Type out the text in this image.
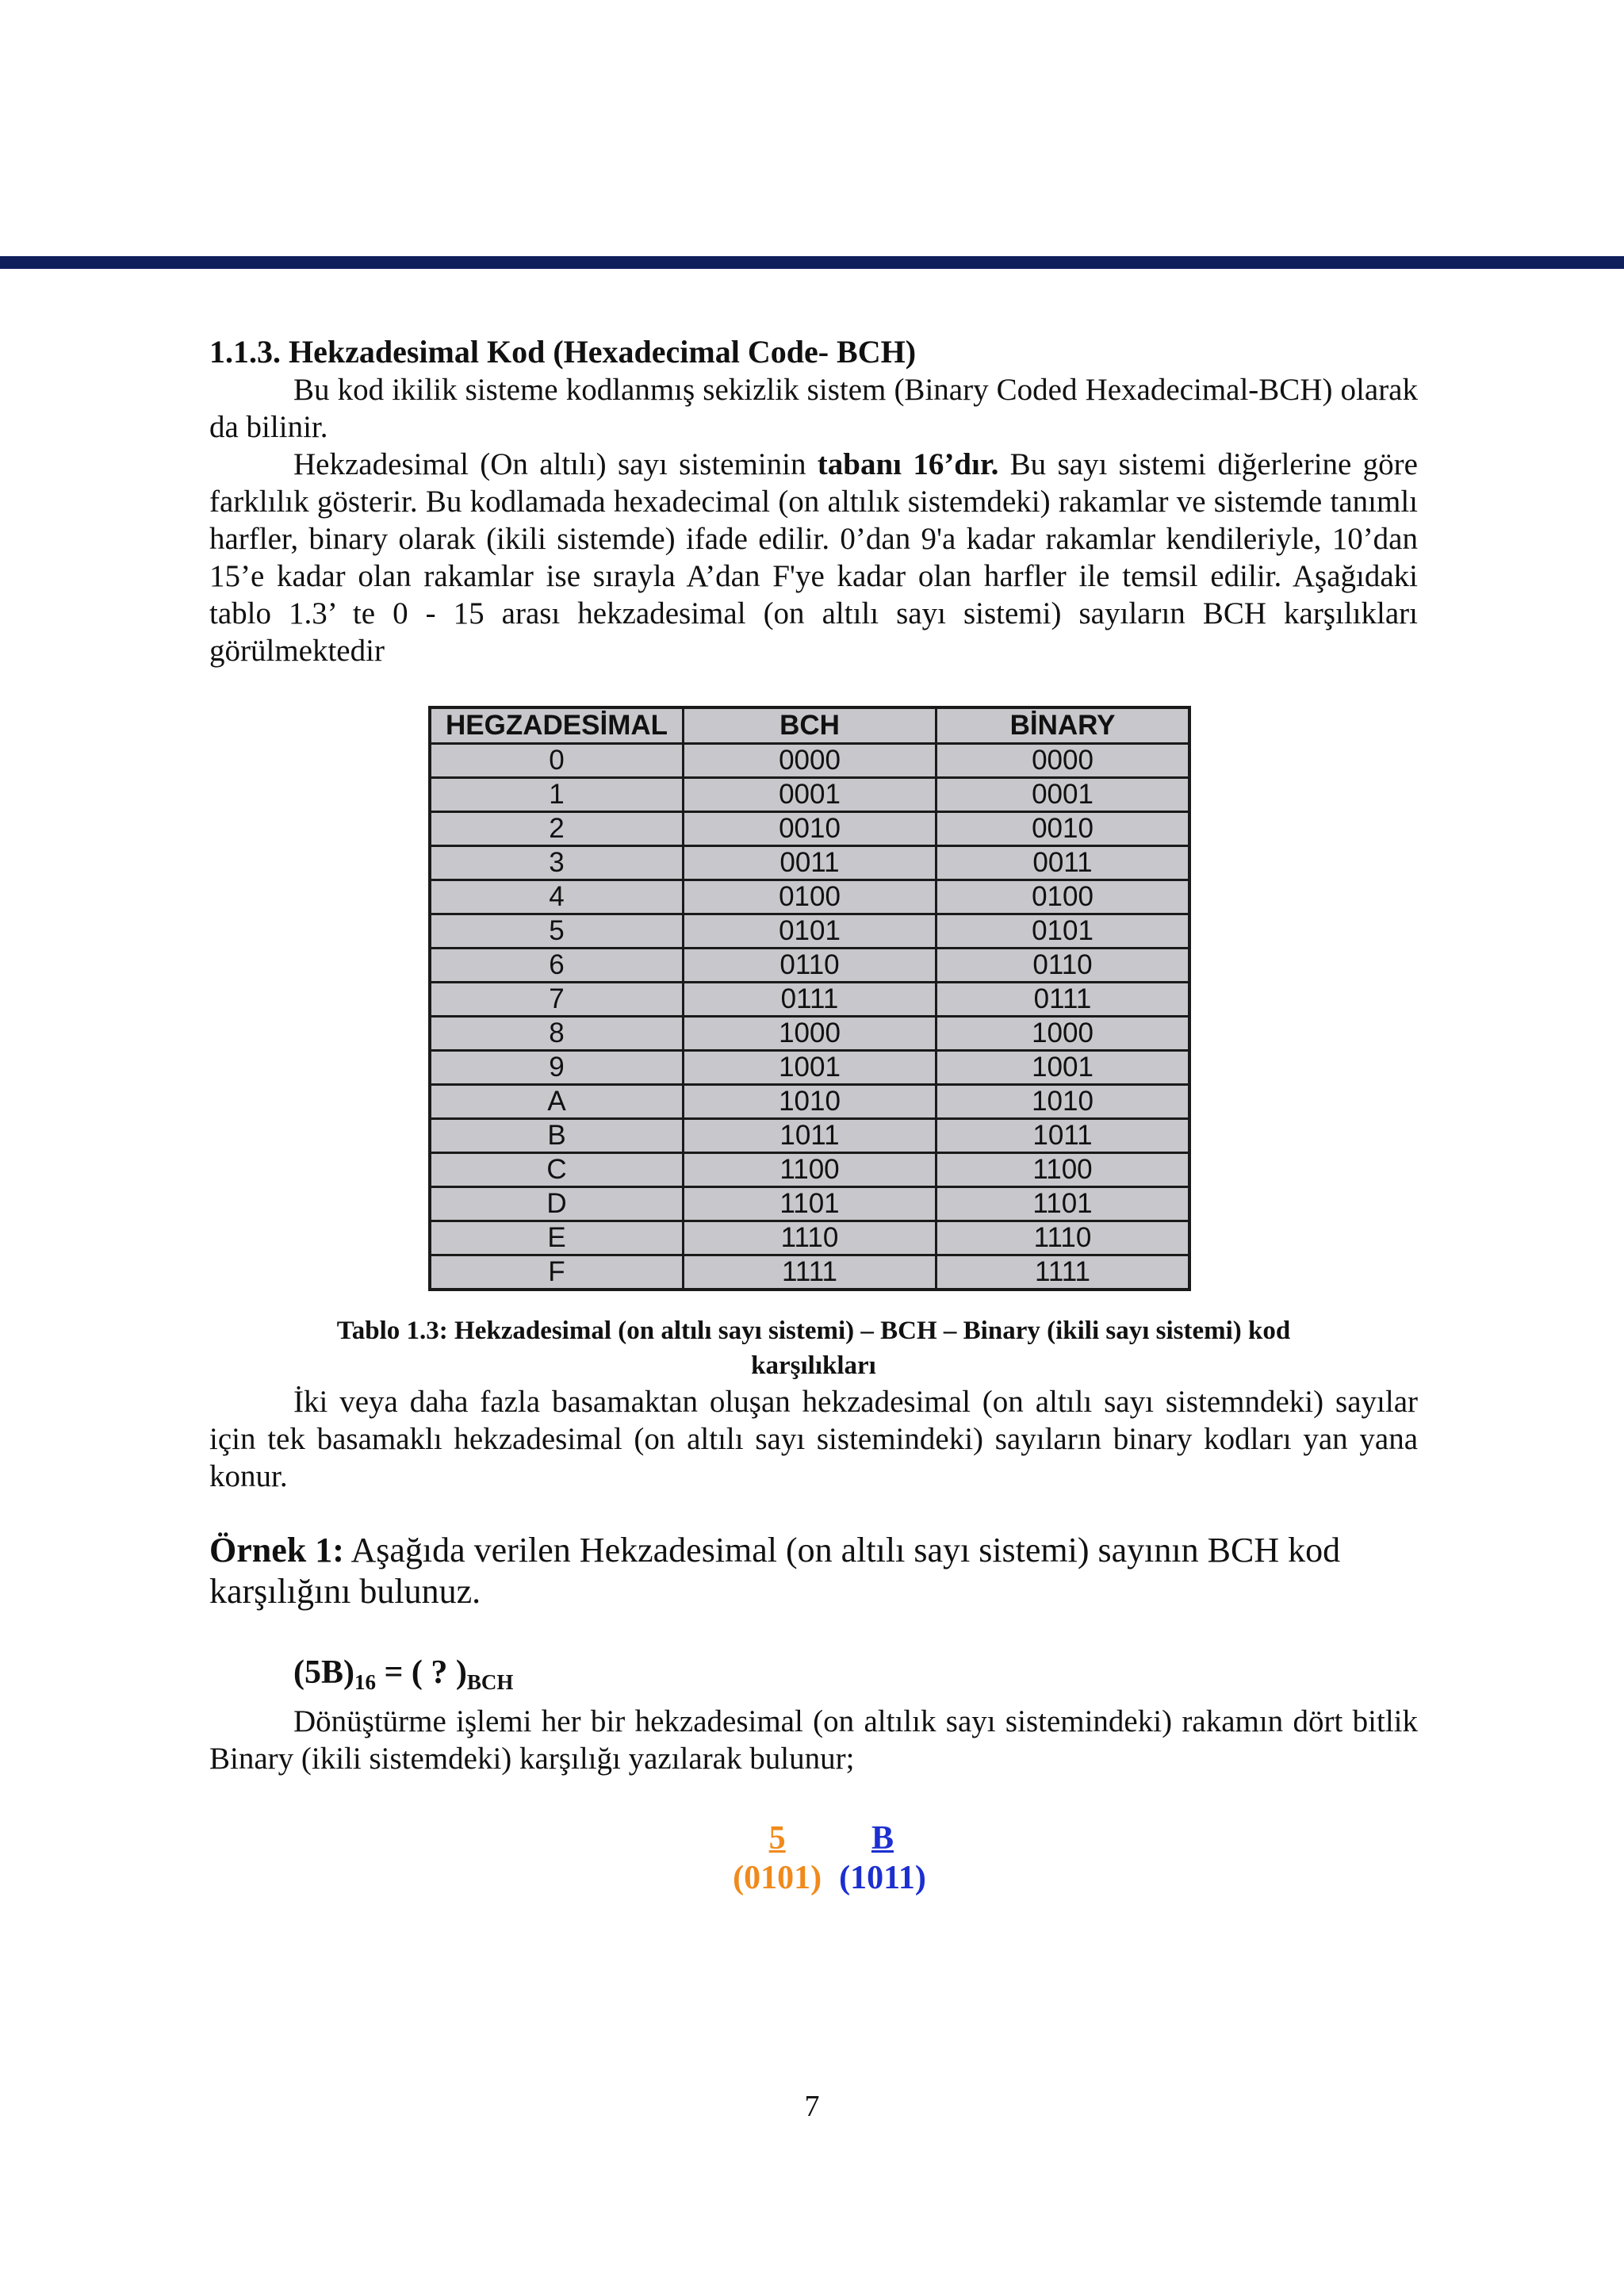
1.1.3. Hekzadesimal Kod (Hexadecimal Code- BCH)

Bu kod ikilik sisteme kodlanmış sekizlik sistem (Binary Coded Hexadecimal-BCH) olarak da bilinir.

Hekzadesimal (On altılı) sayı sisteminin tabanı 16’dır. Bu sayı sistemi diğerlerine göre farklılık gösterir. Bu kodlamada hexadecimal (on altılık sistemdeki) rakamlar ve sistemde tanımlı harfler, binary olarak (ikili sistemde) ifade edilir. 0’dan 9'a kadar rakamlar kendileriyle, 10’dan 15’e kadar olan rakamlar ise sırayla A’dan F'ye kadar olan harfler ile temsil edilir. Aşağıdaki tablo 1.3’ te 0 - 15 arası hekzadesimal (on altılı sayı sistemi) sayıların BCH karşılıkları görülmektedir

HEGZADESİMAL	BCH	BİNARY
0	0000	0000
1	0001	0001
2	0010	0010
3	0011	0011
4	0100	0100
5	0101	0101
6	0110	0110
7	0111	0111
8	1000	1000
9	1001	1001
A	1010	1010
B	1011	1011
C	1100	1100
D	1101	1101
E	1110	1110
F	1111	1111
Tablo 1.3: Hekzadesimal (on altılı sayı sistemi) – BCH – Binary (ikili sayı sistemi) kod
karşılıkları

İki veya daha fazla basamaktan oluşan hekzadesimal (on altılı sayı sistemndeki) sayılar için tek basamaklı hekzadesimal (on altılı sayı sistemindeki) sayıların binary kodları yan yana konur.

Örnek 1: Aşağıda verilen Hekzadesimal (on altılı sayı sistemi) sayının BCH kod karşılığını bulunuz.
$(5B)_{16}$ = ( ? )$_{BCH}$

Dönüştürme işlemi her bir hekzadesimal (on altılık sayı sistemindeki) rakamın dört bitlik Binary (ikili sistemdeki) karşılığı yazılarak bulunur;

5
(0101)
B
(1011)
7
